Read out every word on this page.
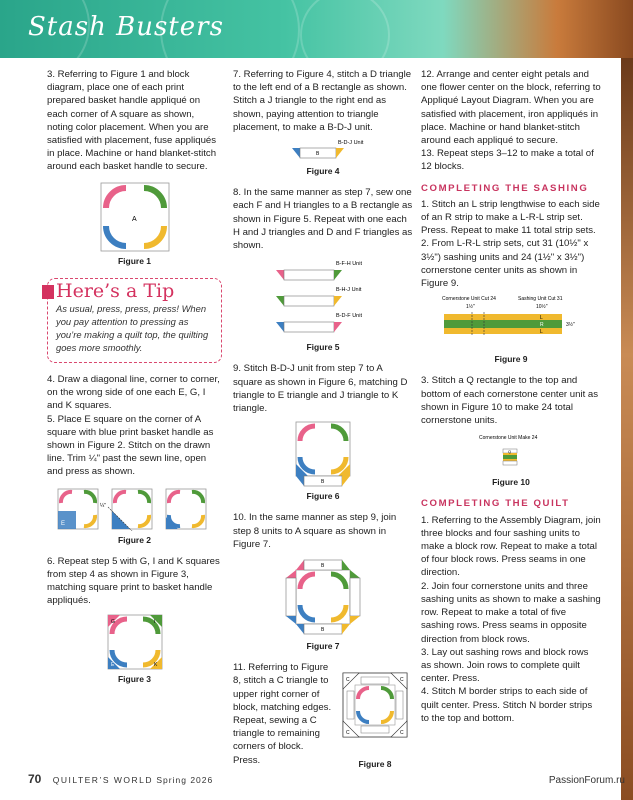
Stash Busters

3. Referring to Figure 1 and block diagram, place one of each print prepared basket handle appliqué on each corner of A square as shown, noting color placement. When you are satisfied with placement, fuse appliqués in place. Machine or hand blanket-stitch around each basket handle to secure.

A
Figure 1
Here’s a Tip
As usual, press, press, press! When you pay attention to pressing as you’re making a quilt top, the quilting goes more smoothly.

4. Draw a diagonal line, corner to corner, on the wrong side of one each E, G, I and K squares.

5. Place E square on the corner of A square with blue print basket handle as shown in Figure 2. Stitch on the drawn line. Trim ¼" past the sewn line, open and press as shown.

E
¼"
Figure 2

6. Repeat step 5 with G, I and K squares from step 4 as shown in Figure 3, matching square print to basket handle appliqués.

G	I
E	K
Figure 3

7. Referring to Figure 4, stitch a D triangle to the left end of a B rectangle as shown. Stitch a J triangle to the right end as shown, paying attention to triangle placement, to make a B-D-J unit.

B-D-J Unit
B
Figure 4

8. In the same manner as step 7, sew one each F and H triangles to a B rectangle as shown in Figure 5. Repeat with one each H and J triangles and D and F triangles as shown.

B-F-H Unit
B-H-J Unit
B-D-F Unit
Figure 5

9. Stitch B-D-J unit from step 7 to A square as shown in Figure 6, matching D triangle to E triangle and J triangle to K triangle.

B
Figure 6

10. In the same manner as step 9, join step 8 units to A square as shown in Figure 7.

B
B
Figure 7

11. Referring to Figure 8, stitch a C triangle to upper right corner of block, matching edges. Repeat, sewing a C triangle to remaining corners of block. Press.

C	C
C	C
Figure 8

12. Arrange and center eight petals and one flower center on the block, referring to Appliqué Layout Diagram. When you are satisfied with placement, iron appliqués in place. Machine or hand blanket-stitch around each appliqué to secure.

13. Repeat steps 3–12 to make a total of 12 blocks.

COMPLETING THE SASHING

1. Stitch an L strip lengthwise to each side of an R strip to make a L-R-L strip set. Press. Repeat to make 11 total strip sets.

2. From L-R-L strip sets, cut 31 (10½" x 3½") sashing units and 24 (1½" x 3½") cornerstone center units as shown in Figure 9.

Cornerstone Unit Cut 24
1½"
Sashing Unit Cut 31
10½"
L
R
L
3½"
Figure 9

3. Stitch a Q rectangle to the top and bottom of each cornerstone center unit as shown in Figure 10 to make 24 total cornerstone units.

Cornerstone Unit Make 24
Q
Figure 10
COMPLETING THE QUILT

1. Referring to the Assembly Diagram, join three blocks and four sashing units to make a block row. Repeat to make a total of four block rows. Press seams in one direction.

2. Join four cornerstone units and three sashing units as shown to make a sashing row. Repeat to make a total of five sashing rows. Press seams in opposite direction from block rows.

3. Lay out sashing rows and block rows as shown. Join rows to complete quilt center. Press.

4. Stitch M border strips to each side of quilt center. Press. Stitch N border strips to the top and bottom.

70 QUILTER’S WORLD Spring 2026	PassionForum.ru
